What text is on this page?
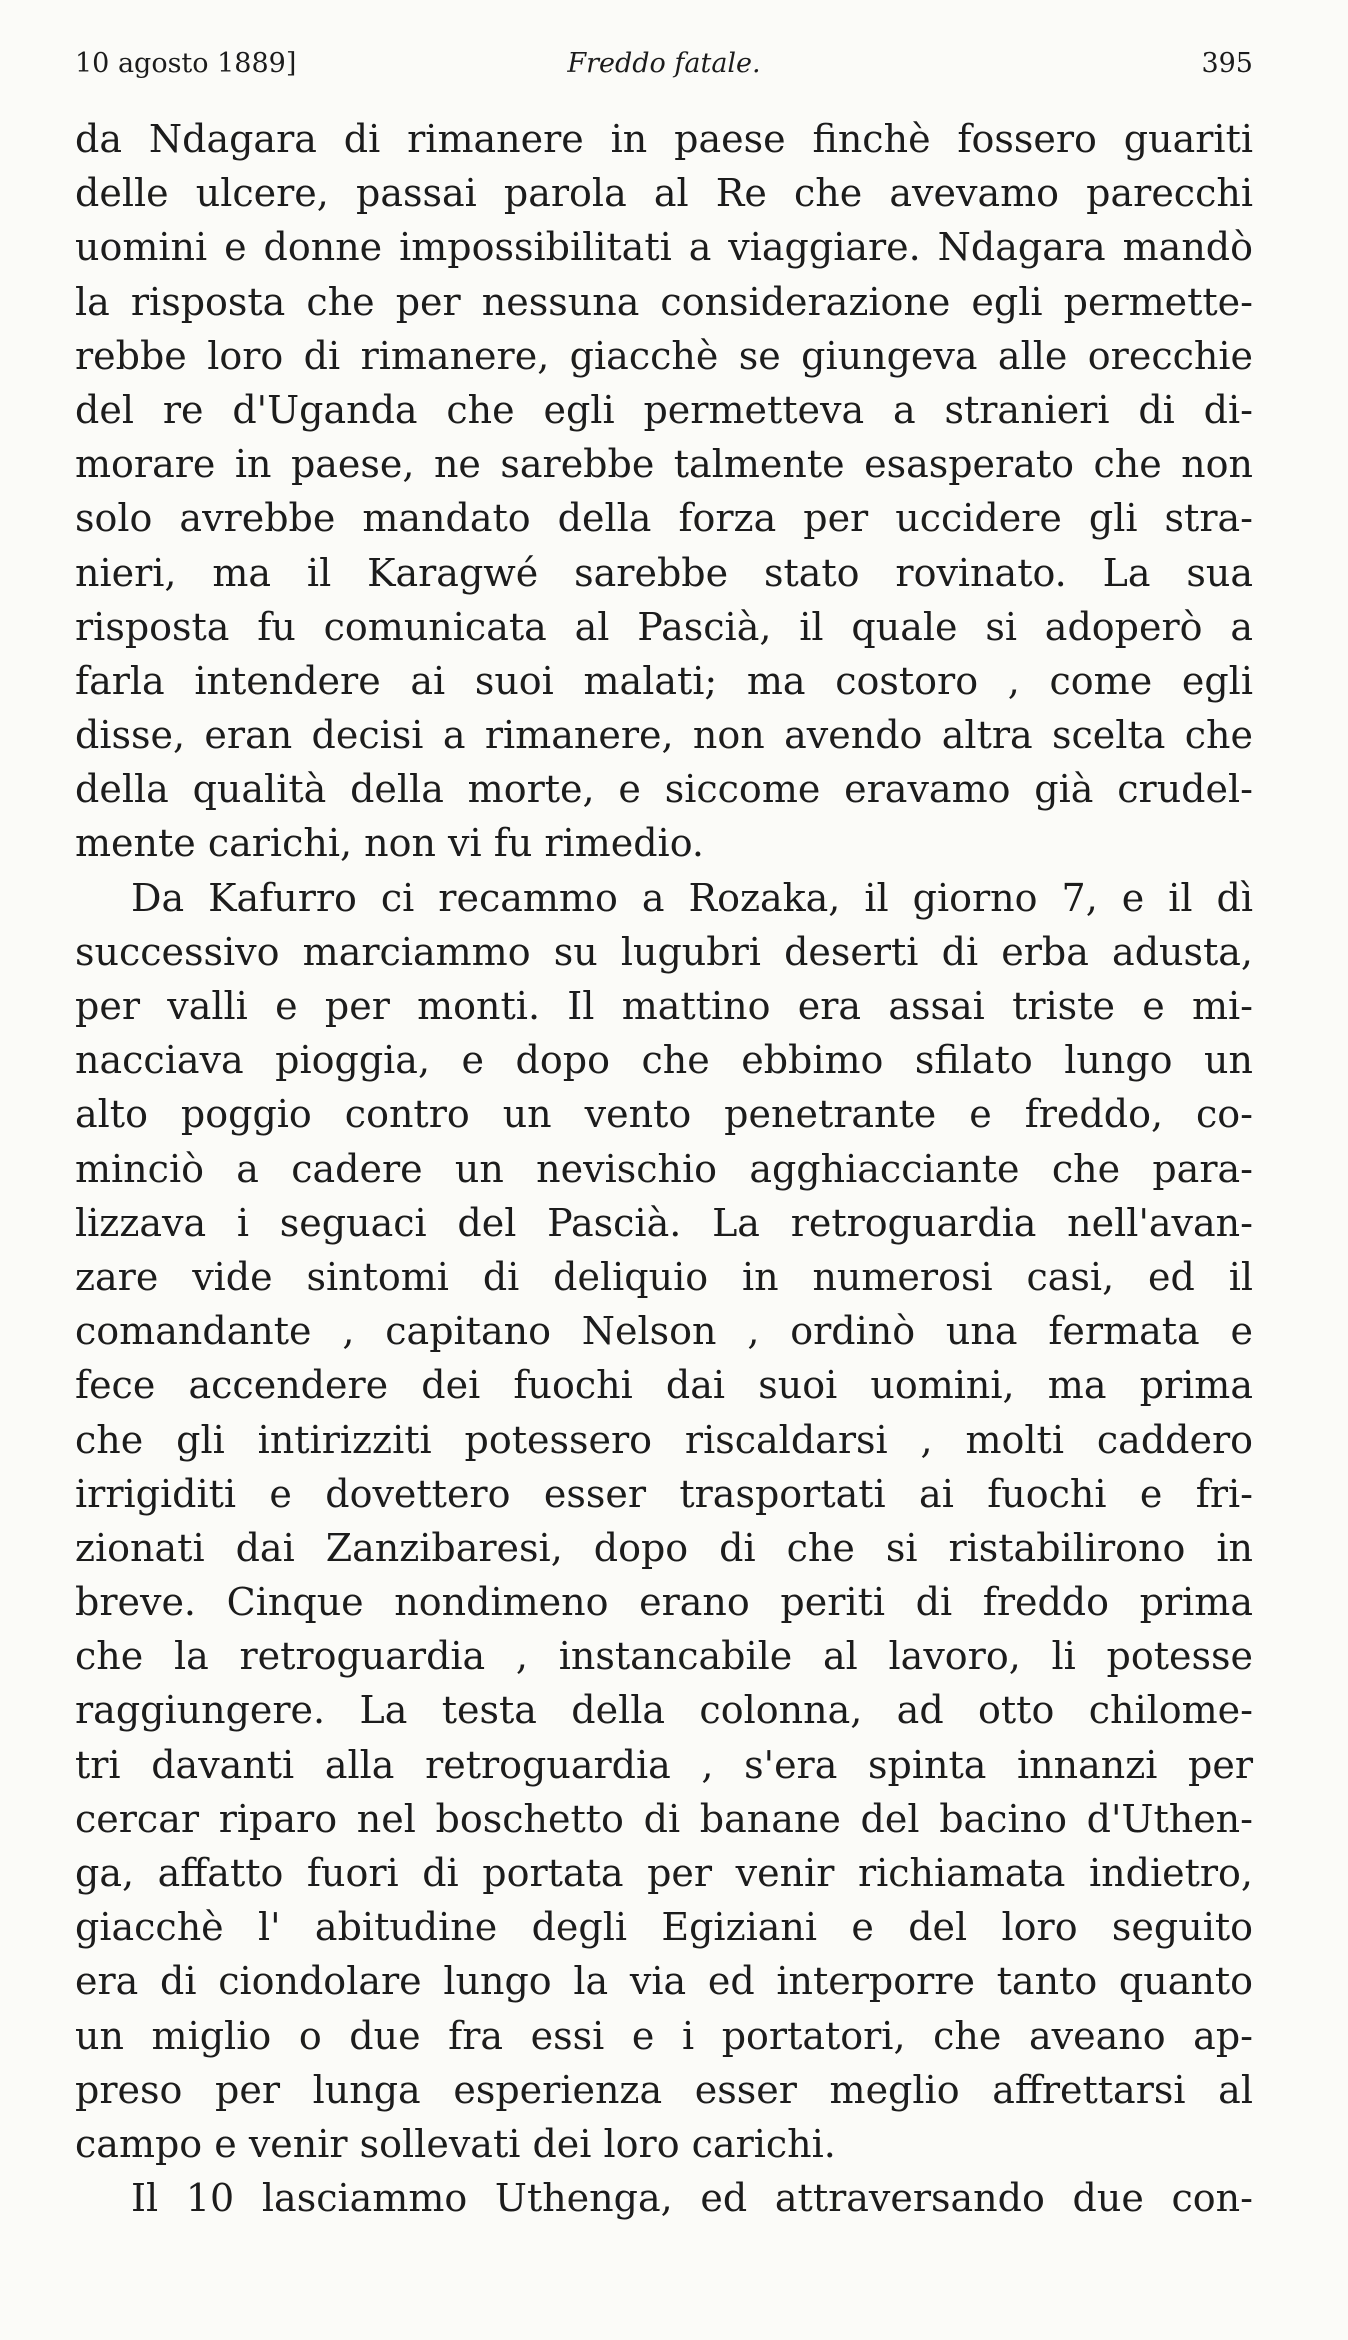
10 agosto 1889]	Freddo fatale.	395
da Ndagara di rimanere in paese finchè fossero guariti
delle ulcere, passai parola al Re che avevamo parecchi
uomini e donne impossibilitati a viaggiare. Ndagara mandò
la risposta che per nessuna considerazione egli permette-
rebbe loro di rimanere, giacchè se giungeva alle orecchie
del re d'Uganda che egli permetteva a stranieri di di-
morare in paese, ne sarebbe talmente esasperato che non
solo avrebbe mandato della forza per uccidere gli stra-
nieri, ma il Karagwé sarebbe stato rovinato. La sua
risposta fu comunicata al Pascià, il quale si adoperò a
farla intendere ai suoi malati; ma costoro , come egli
disse, eran decisi a rimanere, non avendo altra scelta che
della qualità della morte, e siccome eravamo già crudel-
mente carichi, non vi fu rimedio.
Da Kafurro ci recammo a Rozaka, il giorno 7, e il dì
successivo marciammo su lugubri deserti di erba adusta,
per valli e per monti. Il mattino era assai triste e mi-
nacciava pioggia, e dopo che ebbimo sfilato lungo un
alto poggio contro un vento penetrante e freddo, co-
minciò a cadere un nevischio agghiacciante che para-
lizzava i seguaci del Pascià. La retroguardia nell'avan-
zare vide sintomi di deliquio in numerosi casi, ed il
comandante , capitano Nelson , ordinò una fermata e
fece accendere dei fuochi dai suoi uomini, ma prima
che gli intirizziti potessero riscaldarsi , molti caddero
irrigiditi e dovettero esser trasportati ai fuochi e fri-
zionati dai Zanzibaresi, dopo di che si ristabilirono in
breve. Cinque nondimeno erano periti di freddo prima
che la retroguardia , instancabile al lavoro, li potesse
raggiungere. La testa della colonna, ad otto chilome-
tri davanti alla retroguardia , s'era spinta innanzi per
cercar riparo nel boschetto di banane del bacino d'Uthen-
ga, affatto fuori di portata per venir richiamata indietro,
giacchè l' abitudine degli Egiziani e del loro seguito
era di ciondolare lungo la via ed interporre tanto quanto
un miglio o due fra essi e i portatori, che aveano ap-
preso per lunga esperienza esser meglio affrettarsi al
campo e venir sollevati dei loro carichi.
Il 10 lasciammo Uthenga, ed attraversando due con-
